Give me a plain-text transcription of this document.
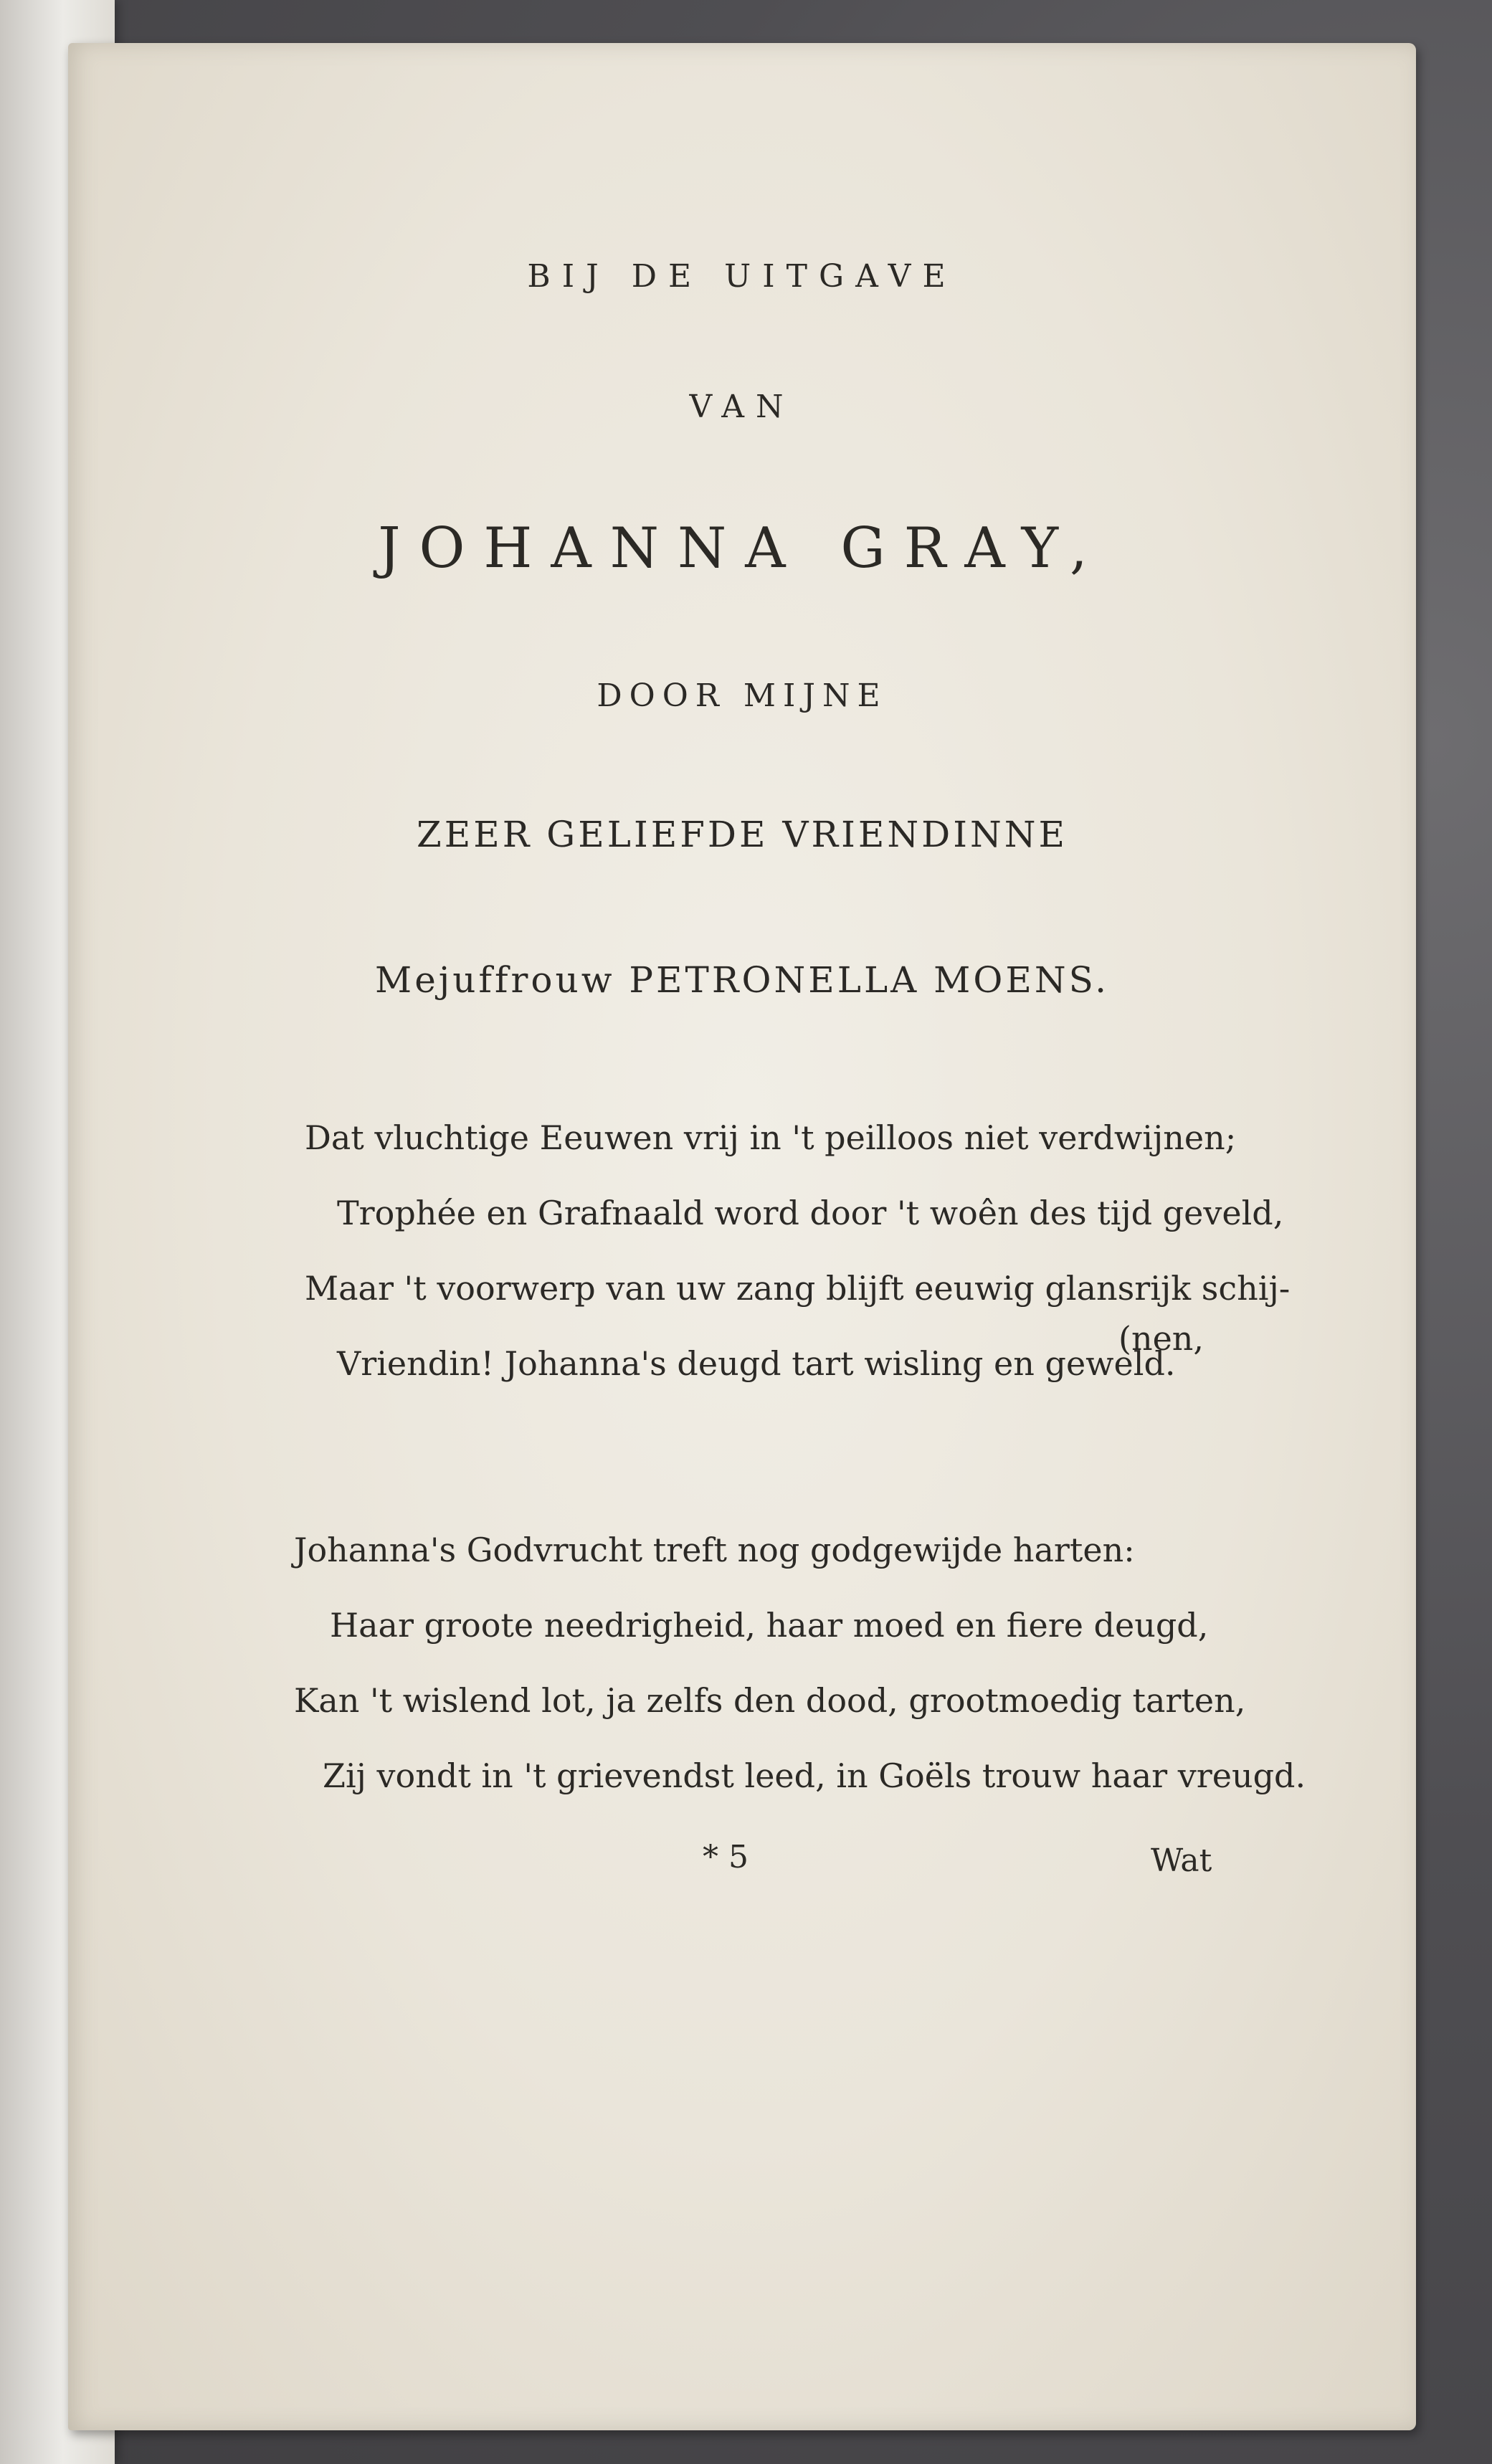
BIJ DE UITGAVE
VAN
JOHANNA GRAY,
DOOR MIJNE
ZEER GELIEFDE VRIENDINNE
Mejuffrouw PETRONELLA MOENS.
Dat vluchtige Eeuwen vrij in 't peilloos niet verdwijnen;
Trophée en Grafnaald word door 't woên des tijd geveld,
Maar 't voorwerp van uw zang blijft eeuwig glansrijk schij-
(nen,
Vriendin! Johanna's deugd tart wisling en geweld.
Johanna's Godvrucht treft nog godgewijde harten:
Haar groote needrigheid, haar moed en fiere deugd,
Kan 't wislend lot, ja zelfs den dood, grootmoedig tarten,
Zij vondt in 't grievendst leed, in Goëls trouw haar vreugd.
* 5	Wat
